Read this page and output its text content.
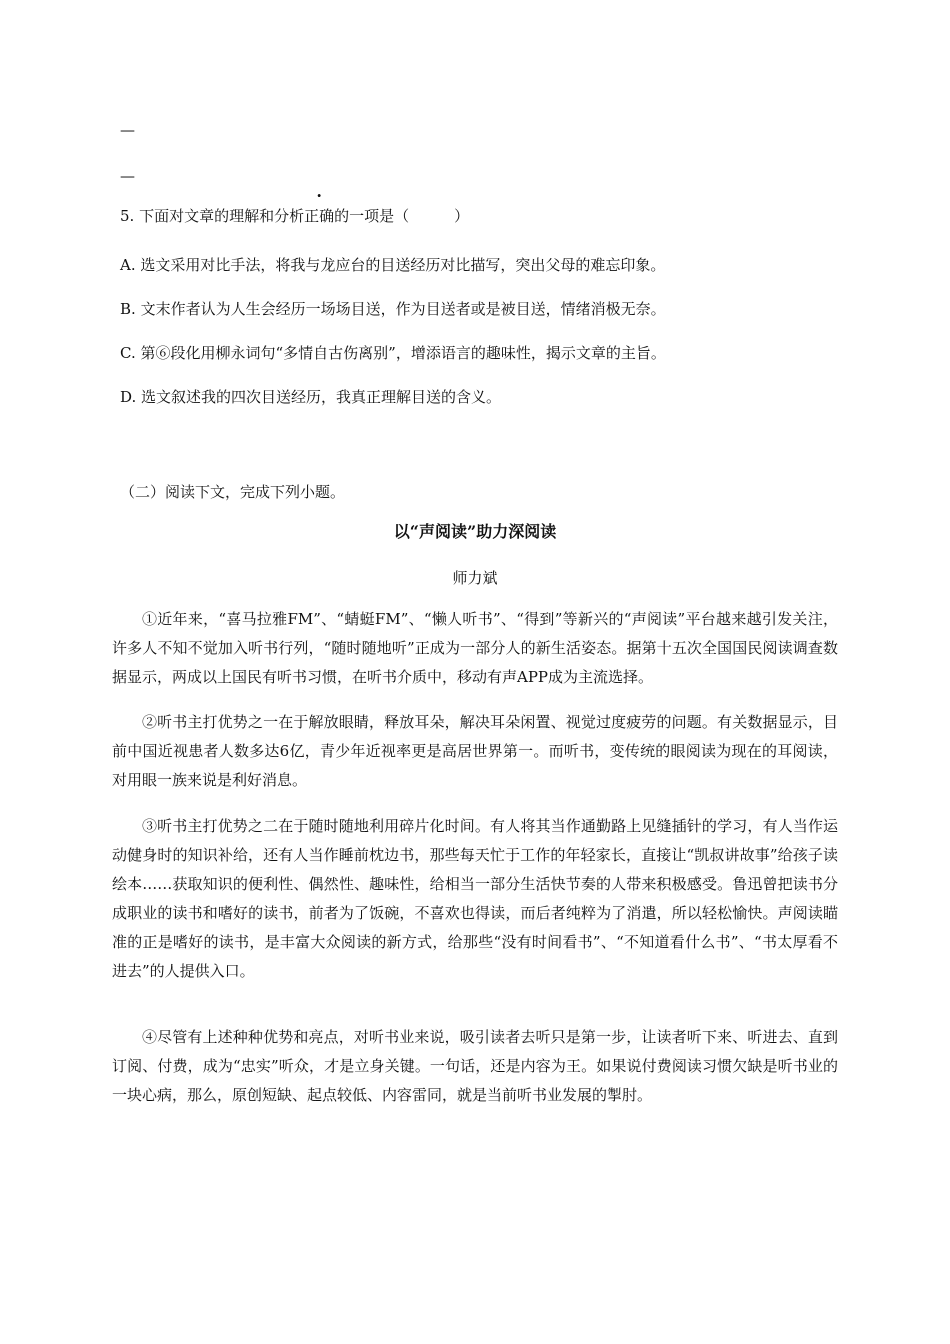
—
—
5. 下面对文章的理解和分析正确的一项是（　　　）
A. 选文采用对比手法，将我与龙应台的目送经历对比描写，突出父母的难忘印象。
B. 文末作者认为人生会经历一场场目送，作为目送者或是被目送，情绪消极无奈。
C. 第⑥段化用柳永词句“多情自古伤离别”，增添语言的趣味性，揭示文章的主旨。
D. 选文叙述我的四次目送经历，我真正理解目送的含义。
（二）阅读下文，完成下列小题。
以“声阅读”助力深阅读
师力斌

①近年来，“喜马拉雅FM”、“蜻蜓FM”、“懒人听书”、“得到”等新兴的“声阅读”平台越来越引发关注，许多人不知不觉加入听书行列，“随时随地听”正成为一部分人的新生活姿态。据第十五次全国国民阅读调查数据显示，两成以上国民有听书习惯，在听书介质中，移动有声APP成为主流选择。

②听书主打优势之一在于解放眼睛，释放耳朵，解决耳朵闲置、视觉过度疲劳的问题。有关数据显示，目前中国近视患者人数多达6亿，青少年近视率更是高居世界第一。而听书，变传统的眼阅读为现在的耳阅读，对用眼一族来说是利好消息。

③听书主打优势之二在于随时随地利用碎片化时间。有人将其当作通勤路上见缝插针的学习，有人当作运动健身时的知识补给，还有人当作睡前枕边书，那些每天忙于工作的年轻家长，直接让“凯叔讲故事”给孩子读绘本……获取知识的便利性、偶然性、趣味性，给相当一部分生活快节奏的人带来积极感受。鲁迅曾把读书分成职业的读书和嗜好的读书，前者为了饭碗，不喜欢也得读，而后者纯粹为了消遣，所以轻松愉快。声阅读瞄准的正是嗜好的读书，是丰富大众阅读的新方式，给那些“没有时间看书”、“不知道看什么书”、“书太厚看不进去”的人提供入口。

④尽管有上述种种优势和亮点，对听书业来说，吸引读者去听只是第一步，让读者听下来、听进去、直到订阅、付费，成为“忠实”听众，才是立身关键。一句话，还是内容为王。如果说付费阅读习惯欠缺是听书业的一块心病，那么，原创短缺、起点较低、内容雷同，就是当前听书业发展的掣肘。
